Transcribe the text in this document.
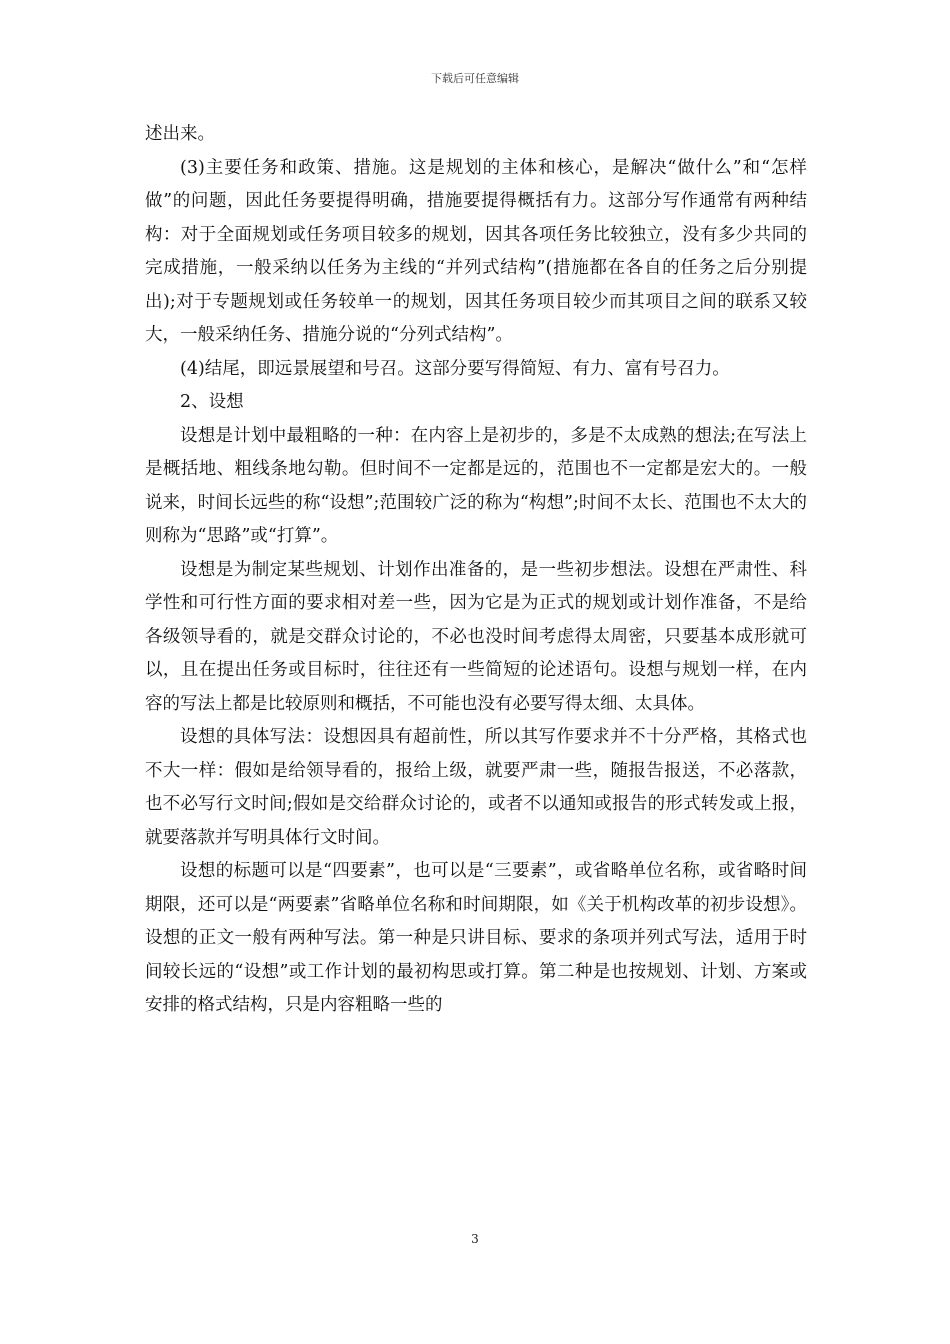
下载后可任意编辑

述出来。

(3)主要任务和政策、措施。这是规划的主体和核心，是解决“做什么”和“怎样做”的问题，因此任务要提得明确，措施要提得概括有力。这部分写作通常有两种结构：对于全面规划或任务项目较多的规划，因其各项任务比较独立，没有多少共同的完成措施，一般采纳以任务为主线的“并列式结构”(措施都在各自的任务之后分别提出);对于专题规划或任务较单一的规划，因其任务项目较少而其项目之间的联系又较大，一般采纳任务、措施分说的“分列式结构”。

(4)结尾，即远景展望和号召。这部分要写得简短、有力、富有号召力。

2、设想

设想是计划中最粗略的一种：在内容上是初步的，多是不太成熟的想法;在写法上是概括地、粗线条地勾勒。但时间不一定都是远的，范围也不一定都是宏大的。一般说来，时间长远些的称“设想”;范围较广泛的称为“构想”;时间不太长、范围也不太大的则称为“思路”或“打算”。

设想是为制定某些规划、计划作出准备的，是一些初步想法。设想在严肃性、科学性和可行性方面的要求相对差一些，因为它是为正式的规划或计划作准备，不是给各级领导看的，就是交群众讨论的，不必也没时间考虑得太周密，只要基本成形就可以，且在提出任务或目标时，往往还有一些简短的论述语句。设想与规划一样，在内容的写法上都是比较原则和概括，不可能也没有必要写得太细、太具体。

设想的具体写法：设想因具有超前性，所以其写作要求并不十分严格，其格式也不大一样：假如是给领导看的，报给上级，就要严肃一些，随报告报送，不必落款，也不必写行文时间;假如是交给群众讨论的，或者不以通知或报告的形式转发或上报，就要落款并写明具体行文时间。

设想的标题可以是“四要素”，也可以是“三要素”，或省略单位名称，或省略时间期限，还可以是“两要素”省略单位名称和时间期限，如《关于机构改革的初步设想》。设想的正文一般有两种写法。第一种是只讲目标、要求的条项并列式写法，适用于时间较长远的“设想”或工作计划的最初构思或打算。第二种是也按规划、计划、方案或安排的格式结构，只是内容粗略一些的

3
